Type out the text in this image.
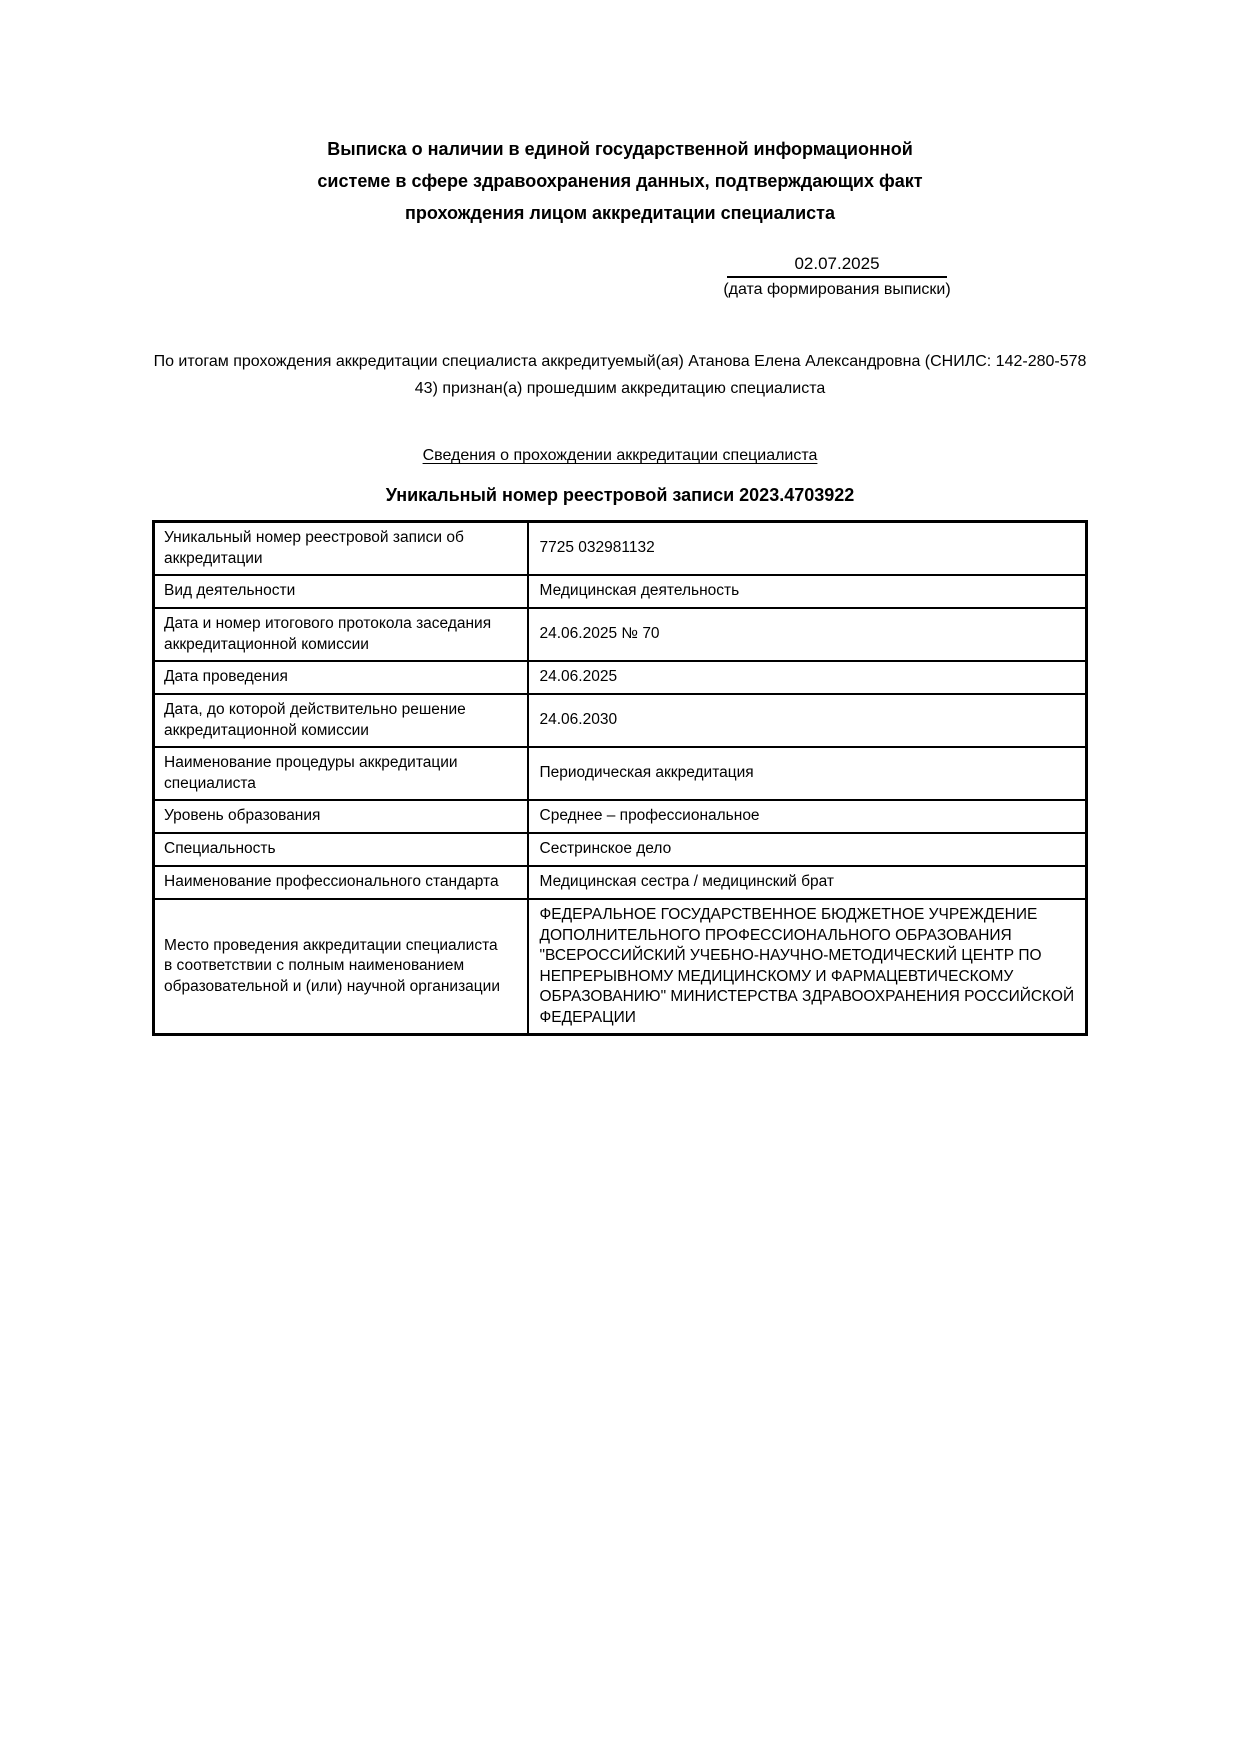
Выписка о наличии в единой государственной информационной системе в сфере здравоохранения данных, подтверждающих факт прохождения лицом аккредитации специалиста
02.07.2025
(дата формирования выписки)
По итогам прохождения аккредитации специалиста аккредитуемый(ая) Атанова Елена Александровна (СНИЛС: 142-280-578 43) признан(а) прошедшим аккредитацию специалиста
Сведения о прохождении аккредитации специалиста
Уникальный номер реестровой записи 2023.4703922
Уникальный номер реестровой записи об аккредитации	7725 032981132
Вид деятельности	Медицинская деятельность
Дата и номер итогового протокола заседания аккредитационной комиссии	24.06.2025 № 70
Дата проведения	24.06.2025
Дата, до которой действительно решение аккредитационной комиссии	24.06.2030
Наименование процедуры аккредитации специалиста	Периодическая аккредитация
Уровень образования	Среднее – профессиональное
Специальность	Сестринское дело
Наименование профессионального стандарта	Медицинская сестра / медицинский брат
Место проведения аккредитации специалиста в соответствии с полным наименованием образовательной и (или) научной организации	ФЕДЕРАЛЬНОЕ ГОСУДАРСТВЕННОЕ БЮДЖЕТНОЕ УЧРЕЖДЕНИЕ ДОПОЛНИТЕЛЬНОГО ПРОФЕССИОНАЛЬНОГО ОБРАЗОВАНИЯ "ВСЕРОССИЙСКИЙ УЧЕБНО-НАУЧНО-МЕТОДИЧЕСКИЙ ЦЕНТР ПО НЕПРЕРЫВНОМУ МЕДИЦИНСКОМУ И ФАРМАЦЕВТИЧЕСКОМУ ОБРАЗОВАНИЮ" МИНИСТЕРСТВА ЗДРАВООХРАНЕНИЯ РОССИЙСКОЙ ФЕДЕРАЦИИ
